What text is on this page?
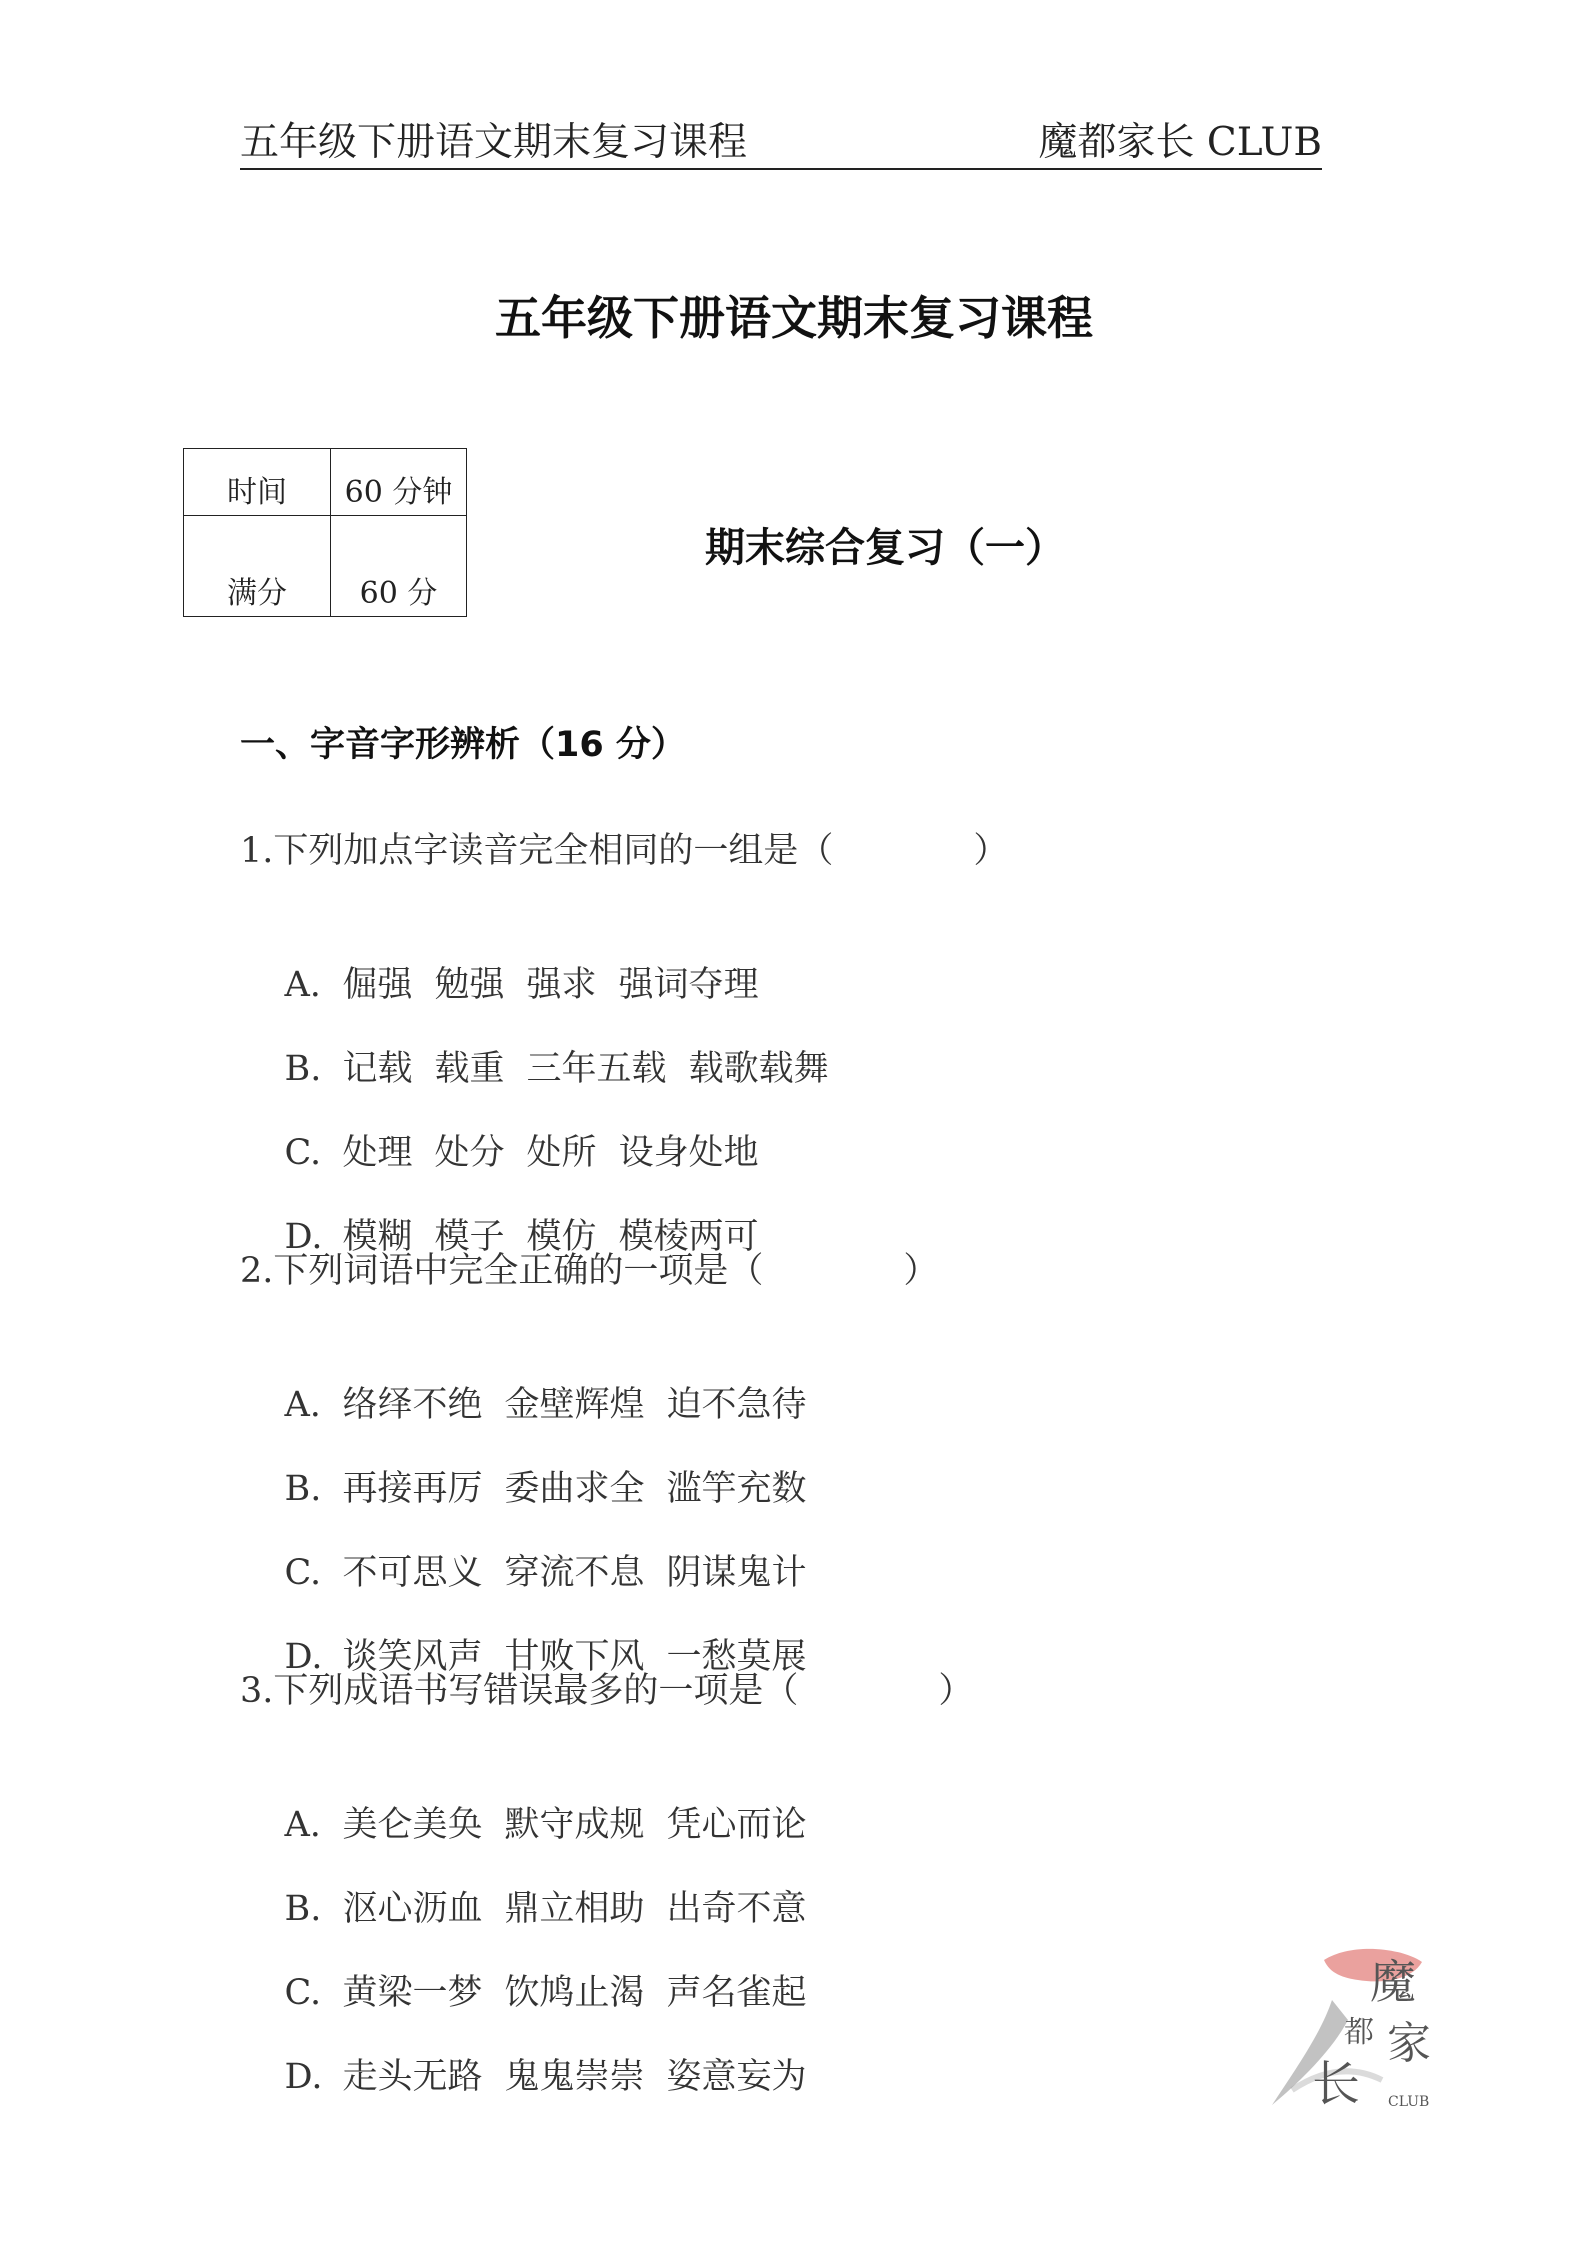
五年级下册语文期末复习课程	魔都家长 CLUB
五年级下册语文期末复习课程
时间	60 分钟
满分	60 分
期末综合复习（一）
一、字音字形辨析（16 分）
1.下列加点字读音完全相同的一组是（　　　　）

A. 倔强 勉强 强求 强词夺理

B. 记载 载重 三年五载 载歌载舞

C. 处理 处分 处所 设身处地

D. 模糊 模子 模仿 模棱两可

2.下列词语中完全正确的一项是（　　　　）

A. 络绎不绝 金壁辉煌 迫不急待

B. 再接再厉 委曲求全 滥竽充数

C. 不可思义 穿流不息 阴谋鬼计

D. 谈笑风声 甘败下风 一愁莫展

3.下列成语书写错误最多的一项是（　　　　）

A. 美仑美奂 默守成规 凭心而论

B. 沤心沥血 鼎立相助 出奇不意

C. 黄梁一梦 饮鸠止渴 声名雀起

D. 走头无路 鬼鬼崇崇 姿意妄为

魔
都 家
长 CLUB
